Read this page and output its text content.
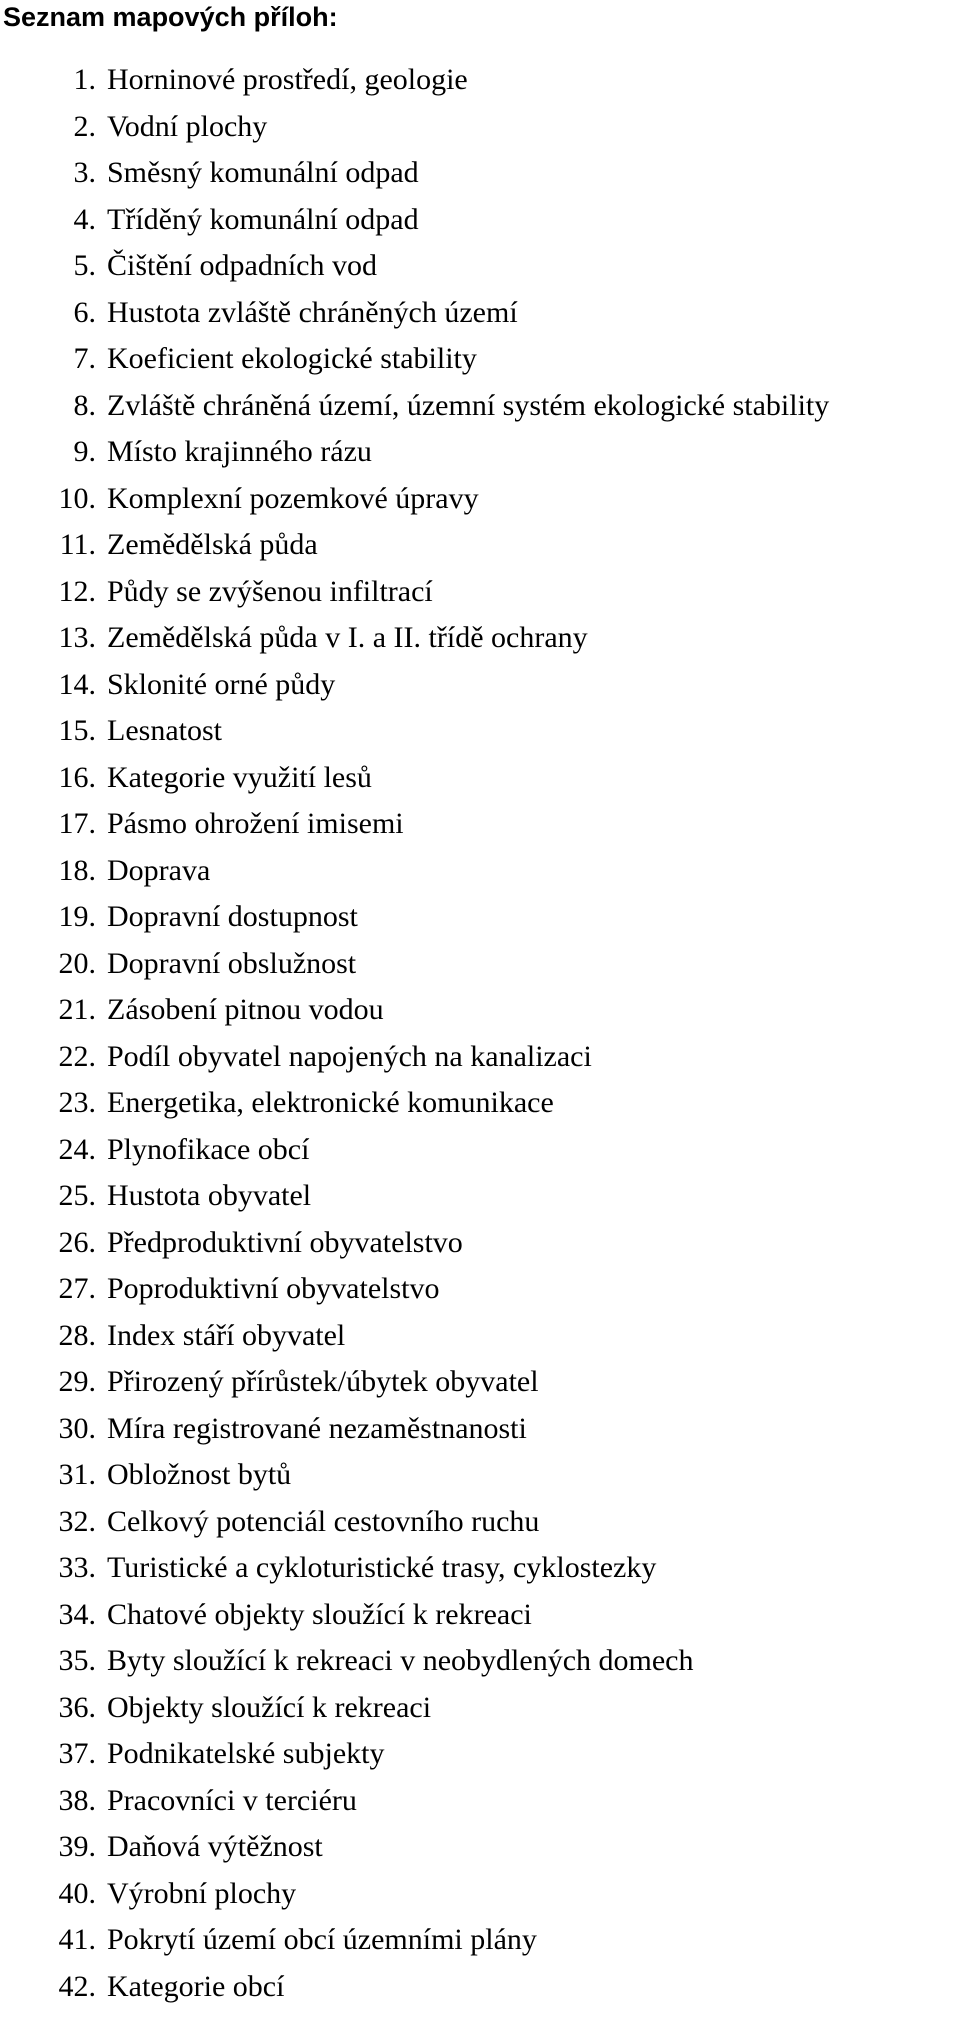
Seznam mapových příloh:
1. Horninové prostředí, geologie
2. Vodní plochy
3. Směsný komunální odpad
4. Tříděný komunální odpad
5. Čištění odpadních vod
6. Hustota zvláště chráněných území
7. Koeficient ekologické stability
8. Zvláště chráněná území, územní systém ekologické stability
9. Místo krajinného rázu
10. Komplexní pozemkové úpravy
11. Zemědělská půda
12. Půdy se zvýšenou infiltrací
13. Zemědělská půda v I. a II. třídě ochrany
14. Sklonité orné půdy
15. Lesnatost
16. Kategorie využití lesů
17. Pásmo ohrožení imisemi
18. Doprava
19. Dopravní dostupnost
20. Dopravní obslužnost
21. Zásobení pitnou vodou
22. Podíl obyvatel napojených na kanalizaci
23. Energetika, elektronické komunikace
24. Plynofikace obcí
25. Hustota obyvatel
26. Předproduktivní obyvatelstvo
27. Poproduktivní obyvatelstvo
28. Index stáří obyvatel
29. Přirozený přírůstek/úbytek obyvatel
30. Míra registrované nezaměstnanosti
31. Obložnost bytů
32. Celkový potenciál cestovního ruchu
33. Turistické a cykloturistické trasy, cyklostezky
34. Chatové objekty sloužící k rekreaci
35. Byty sloužící k rekreaci v neobydlených domech
36. Objekty sloužící k rekreaci
37. Podnikatelské subjekty
38. Pracovníci v terciéru
39. Daňová výtěžnost
40. Výrobní plochy
41. Pokrytí území obcí územními plány
42. Kategorie obcí
